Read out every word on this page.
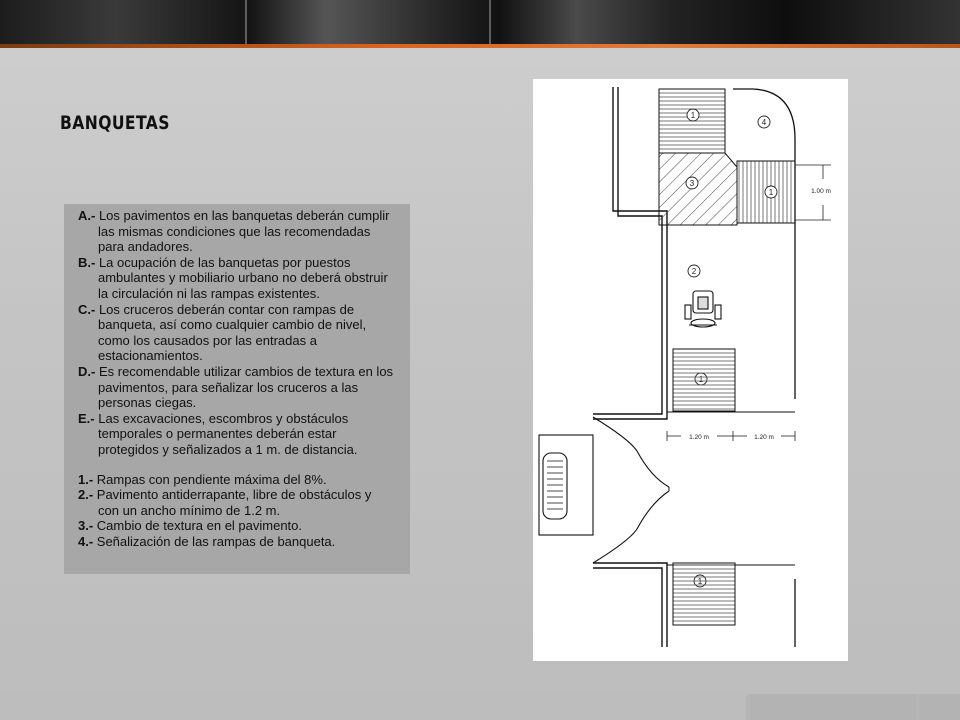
BANQUETAS
A.- Los pavimentos en las banquetas deberán cumplir
las mismas condiciones que las recomendadas
para andadores.
B.- La ocupación de las banquetas por puestos
ambulantes y mobiliario urbano no deberá obstruir
la circulación ni las rampas existentes.
C.- Los cruceros deberán contar con rampas de
banqueta, así como cualquier cambio de nivel,
como los causados por las entradas a
estacionamientos.
D.- Es recomendable utilizar cambios de textura en los
pavimentos, para señalizar los cruceros a las
personas ciegas.
E.- Las excavaciones, escombros y obstáculos
temporales o permanentes deberán estar
protegidos y señalizados a 1 m. de distancia.
1.- Rampas con pendiente máxima del 8%.
2.- Pavimento antiderrapante, libre de obstáculos y
con un ancho mínimo de 1.2 m.
3.- Cambio de textura en el pavimento.
4.- Señalización de las rampas de banqueta.
1
4
3
1
2
1.00 m
1.20 m	1.20 m
